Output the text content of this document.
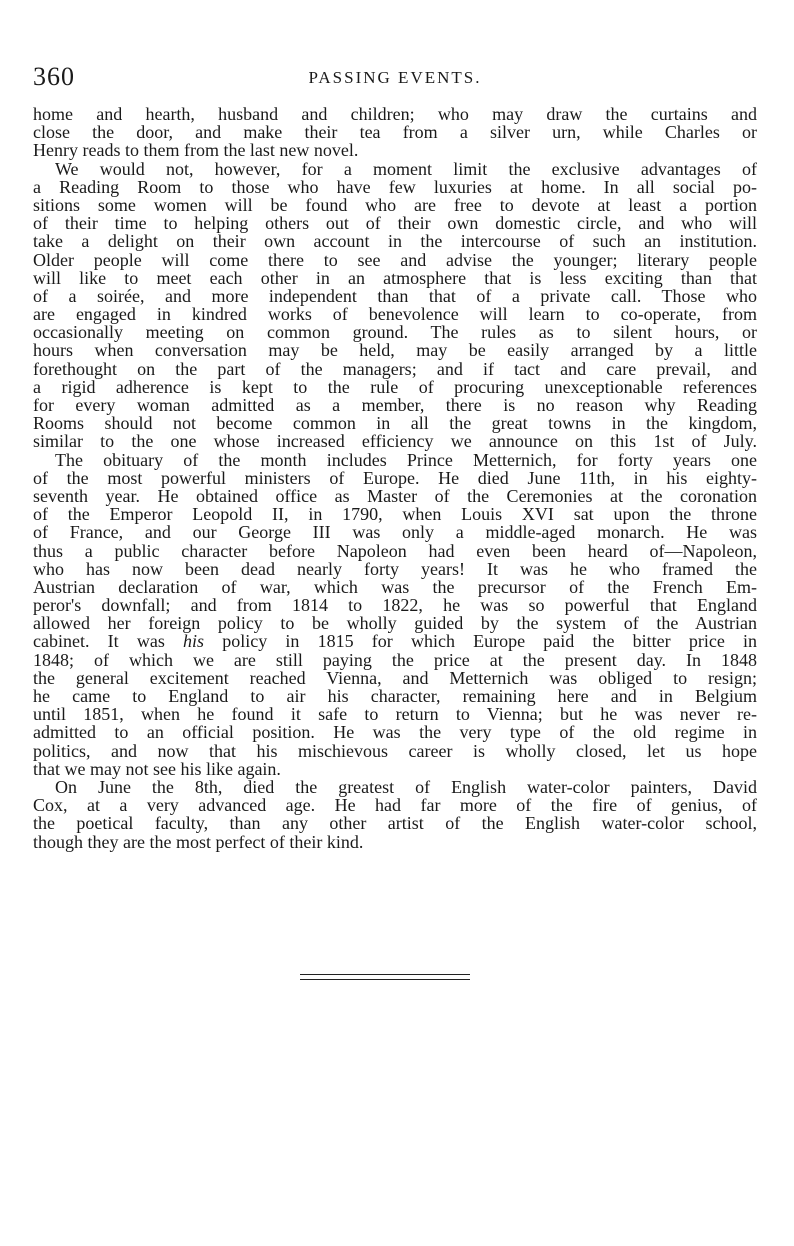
360	PASSING EVENTS.
home and hearth, husband and children; who may draw the curtains and
close the door, and make their tea from a silver urn, while Charles or
Henry reads to them from the last new novel.
We would not, however, for a moment limit the exclusive advantages of
a Reading Room to those who have few luxuries at home. In all social po-
sitions some women will be found who are free to devote at least a portion
of their time to helping others out of their own domestic circle, and who will
take a delight on their own account in the intercourse of such an institution.
Older people will come there to see and advise the younger; literary people
will like to meet each other in an atmosphere that is less exciting than that
of a soirée, and more independent than that of a private call. Those who
are engaged in kindred works of benevolence will learn to co-operate, from
occasionally meeting on common ground. The rules as to silent hours, or
hours when conversation may be held, may be easily arranged by a little
forethought on the part of the managers; and if tact and care prevail, and
a rigid adherence is kept to the rule of procuring unexceptionable references
for every woman admitted as a member, there is no reason why Reading
Rooms should not become common in all the great towns in the kingdom,
similar to the one whose increased efficiency we announce on this 1st of July.
The obituary of the month includes Prince Metternich, for forty years one
of the most powerful ministers of Europe. He died June 11th, in his eighty-
seventh year. He obtained office as Master of the Ceremonies at the coronation
of the Emperor Leopold II, in 1790, when Louis XVI sat upon the throne
of France, and our George III was only a middle-aged monarch. He was
thus a public character before Napoleon had even been heard of—Napoleon,
who has now been dead nearly forty years! It was he who framed the
Austrian declaration of war, which was the precursor of the French Em-
peror's downfall; and from 1814 to 1822, he was so powerful that England
allowed her foreign policy to be wholly guided by the system of the Austrian
cabinet. It was his policy in 1815 for which Europe paid the bitter price in
1848; of which we are still paying the price at the present day. In 1848
the general excitement reached Vienna, and Metternich was obliged to resign;
he came to England to air his character, remaining here and in Belgium
until 1851, when he found it safe to return to Vienna; but he was never re-
admitted to an official position. He was the very type of the old regime in
politics, and now that his mischievous career is wholly closed, let us hope
that we may not see his like again.
On June the 8th, died the greatest of English water-color painters, David
Cox, at a very advanced age. He had far more of the fire of genius, of
the poetical faculty, than any other artist of the English water-color school,
though they are the most perfect of their kind.
